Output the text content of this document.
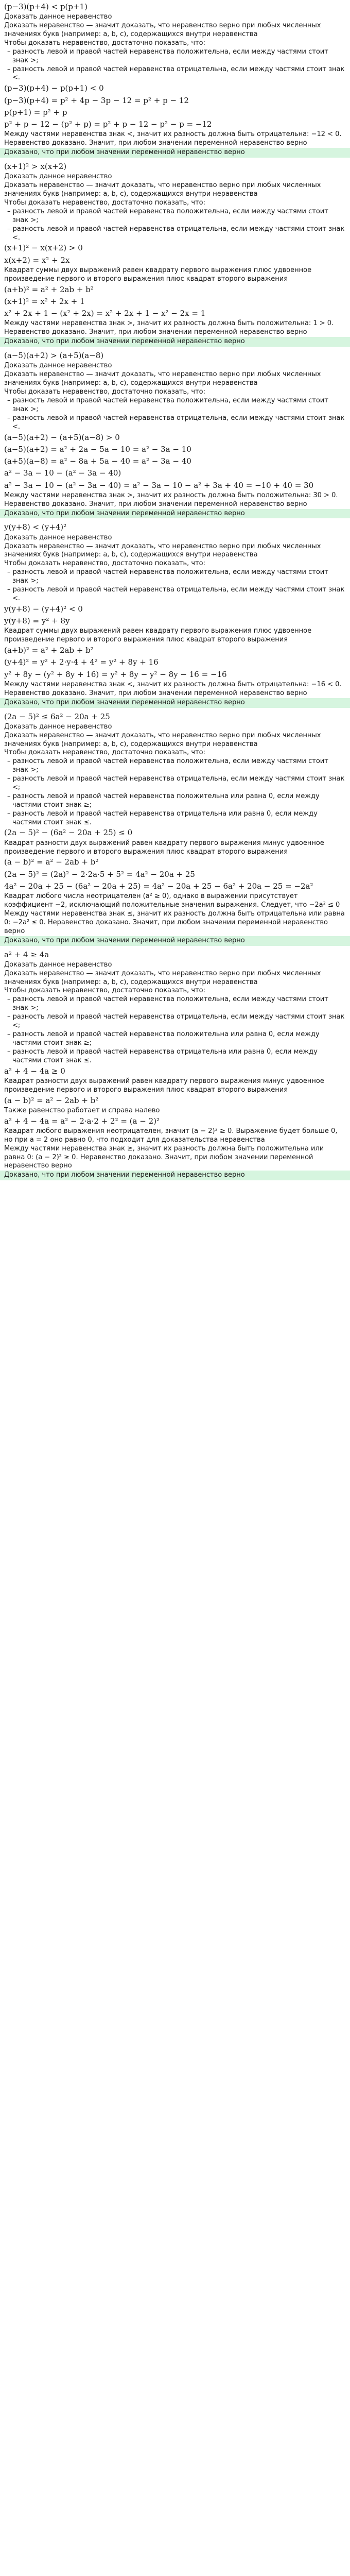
(p−3)(p+4) < p(p+1)
Доказать данное неравенство
Доказать неравенство — значит доказать, что неравенство верно при любых численных значениях букв (например: a, b, c), содержащихся внутри неравенства
Чтобы доказать неравенство, достаточно показать, что:
– разность левой и правой частей неравенства положительна, если между частями стоит знак >;
– разность левой и правой частей неравенства отрицательна, если между частями стоит знак <.
(p−3)(p+4) − p(p+1) < 0
(p−3)(p+4) = p² + 4p − 3p − 12 = p² + p − 12
p(p+1) = p² + p
p² + p − 12 − (p² + p) = p² + p − 12 − p² − p = −12
Между частями неравенства знак <, значит их разность должна быть отрицательна: −12 < 0. Неравенство доказано. Значит, при любом значении переменной неравенство верно
Доказано, что при любом значении переменной неравенство верно
(x+1)² > x(x+2)
Доказать данное неравенство
Доказать неравенство — значит доказать, что неравенство верно при любых численных значениях букв (например: a, b, c), содержащихся внутри неравенства
Чтобы доказать неравенство, достаточно показать, что:
– разность левой и правой частей неравенства положительна, если между частями стоит знак >;
– разность левой и правой частей неравенства отрицательна, если между частями стоит знак <.
(x+1)² − x(x+2) > 0
x(x+2) = x² + 2x
Квадрат суммы двух выражений равен квадрату первого выражения плюс удвоенное произведение первого и второго выражения плюс квадрат второго выражения
(a+b)² = a² + 2ab + b²
(x+1)² = x² + 2x + 1
x² + 2x + 1 − (x² + 2x) = x² + 2x + 1 − x² − 2x = 1
Между частями неравенства знак >, значит их разность должна быть положительна: 1 > 0. Неравенство доказано. Значит, при любом значении переменной неравенство верно
Доказано, что при любом значении переменной неравенство верно
(a−5)(a+2) > (a+5)(a−8)
Доказать данное неравенство
Доказать неравенство — значит доказать, что неравенство верно при любых численных значениях букв (например: a, b, c), содержащихся внутри неравенства
Чтобы доказать неравенство, достаточно показать, что:
– разность левой и правой частей неравенства положительна, если между частями стоит знак >;
– разность левой и правой частей неравенства отрицательна, если между частями стоит знак <.
(a−5)(a+2) − (a+5)(a−8) > 0
(a−5)(a+2) = a² + 2a − 5a − 10 = a² − 3a − 10
(a+5)(a−8) = a² − 8a + 5a − 40 = a² − 3a − 40
a² − 3a − 10 − (a² − 3a − 40)
a² − 3a − 10 − (a² − 3a − 40) = a² − 3a − 10 − a² + 3a + 40 = −10 + 40 = 30
Между частями неравенства знак >, значит их разность должна быть положительна: 30 > 0. Неравенство доказано. Значит, при любом значении переменной неравенство верно
Доказано, что при любом значении переменной неравенство верно
y(y+8) < (y+4)²
Доказать данное неравенство
Доказать неравенство — значит доказать, что неравенство верно при любых численных значениях букв (например: a, b, c), содержащихся внутри неравенства
Чтобы доказать неравенство, достаточно показать, что:
– разность левой и правой частей неравенства положительна, если между частями стоит знак >;
– разность левой и правой частей неравенства отрицательна, если между частями стоит знак <.
y(y+8) − (y+4)² < 0
y(y+8) = y² + 8y
Квадрат суммы двух выражений равен квадрату первого выражения плюс удвоенное произведение первого и второго выражения плюс квадрат второго выражения
(a+b)² = a² + 2ab + b²
(y+4)² = y² + 2·y·4 + 4² = y² + 8y + 16
y² + 8y − (y² + 8y + 16) = y² + 8y − y² − 8y − 16 = −16
Между частями неравенства знак <, значит их разность должна быть отрицательна: −16 < 0. Неравенство доказано. Значит, при любом значении переменной неравенство верно
Доказано, что при любом значении переменной неравенство верно
(2a − 5)² ≤ 6a² − 20a + 25
Доказать данное неравенство
Доказать неравенство — значит доказать, что неравенство верно при любых численных значениях букв (например: a, b, c), содержащихся внутри неравенства
Чтобы доказать неравенство, достаточно показать, что:
– разность левой и правой частей неравенства положительна, если между частями стоит знак >;
– разность левой и правой частей неравенства отрицательна, если между частями стоит знак <;
– разность левой и правой частей неравенства положительна или равна 0, если между частями стоит знак ≥;
– разность левой и правой частей неравенства отрицательна или равна 0, если между частями стоит знак ≤.
(2a − 5)² − (6a² − 20a + 25) ≤ 0
Квадрат разности двух выражений равен квадрату первого выражения минус удвоенное произведение первого и второго выражения плюс квадрат второго выражения
(a − b)² = a² − 2ab + b²
(2a − 5)² = (2a)² − 2·2a·5 + 5² = 4a² − 20a + 25
4a² − 20a + 25 − (6a² − 20a + 25) = 4a² − 20a + 25 − 6a² + 20a − 25 = −2a²
Квадрат любого числа неотрицателен (a² ≥ 0), однако в выражении присутствует коэффициент −2, исключающий положительные значения выражения. Следует, что −2a² ≤ 0
Между частями неравенства знак ≤, значит их разность должна быть отрицательна или равна 0: −2a² ≤ 0. Неравенство доказано. Значит, при любом значении переменной неравенство верно
Доказано, что при любом значении переменной неравенство верно
a² + 4 ≥ 4a
Доказать данное неравенство
Доказать неравенство — значит доказать, что неравенство верно при любых численных значениях букв (например: a, b, c), содержащихся внутри неравенства
Чтобы доказать неравенство, достаточно показать, что:
– разность левой и правой частей неравенства положительна, если между частями стоит знак >;
– разность левой и правой частей неравенства отрицательна, если между частями стоит знак <;
– разность левой и правой частей неравенства положительна или равна 0, если между частями стоит знак ≥;
– разность левой и правой частей неравенства отрицательна или равна 0, если между частями стоит знак ≤.
a² + 4 − 4a ≥ 0
Квадрат разности двух выражений равен квадрату первого выражения минус удвоенное произведение первого и второго выражения плюс квадрат второго выражения
(a − b)² = a² − 2ab + b²
Также равенство работает и справа налево
a² + 4 − 4a = a² − 2·a·2 + 2² = (a − 2)²
Квадрат любого выражения неотрицателен, значит (a − 2)² ≥ 0. Выражение будет больше 0, но при a = 2 оно равно 0, что подходит для доказательства неравенства
Между частями неравенства знак ≥, значит их разность должна быть положительна или равна 0: (a − 2)² ≥ 0. Неравенство доказано. Значит, при любом значении переменной неравенство верно
Доказано, что при любом значении переменной неравенство верно
